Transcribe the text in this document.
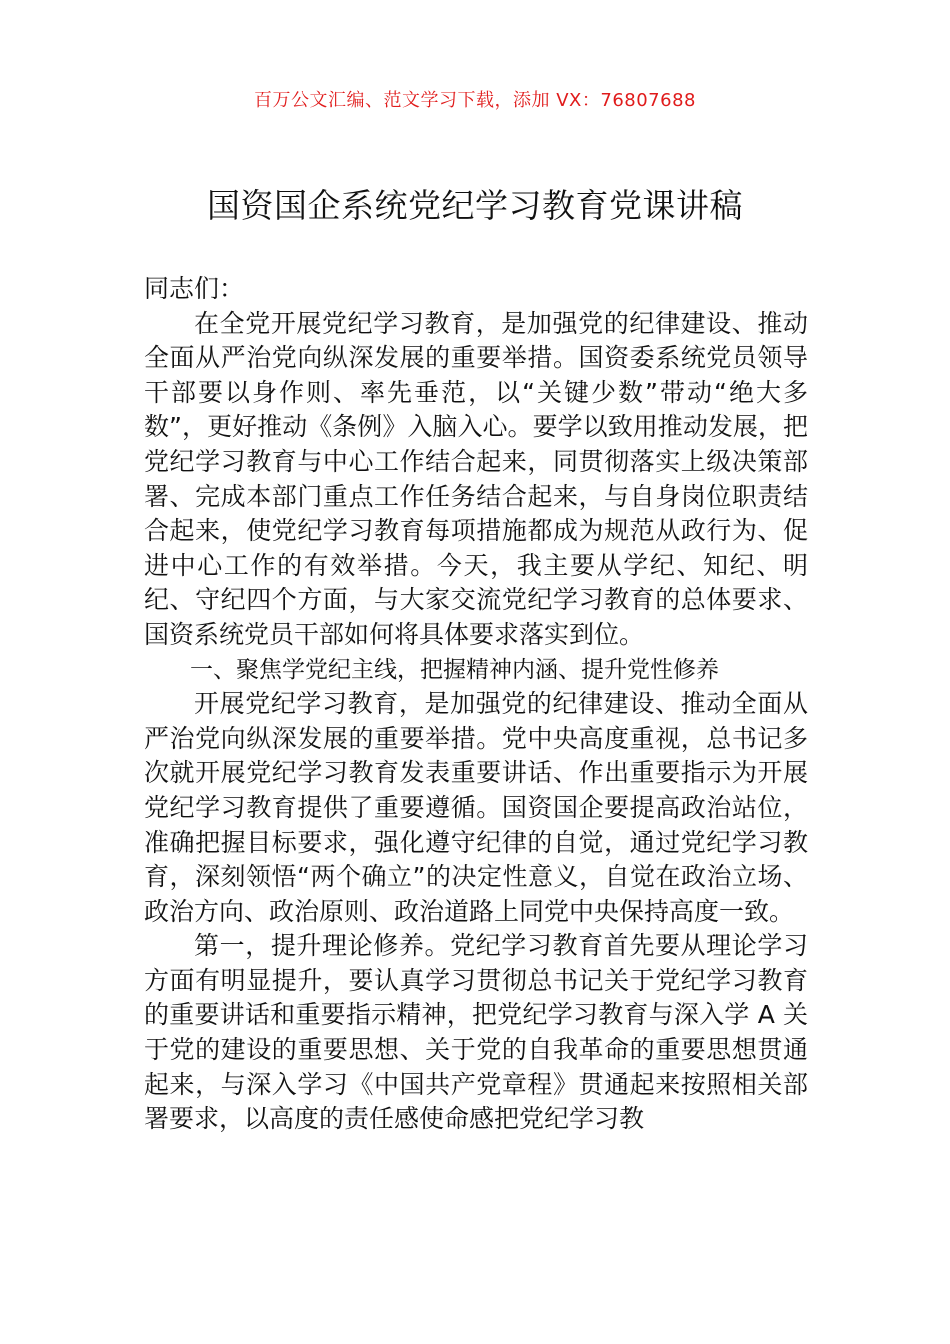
百万公文汇编、范文学习下载，添加 VX：76807688
国资国企系统党纪学习教育党课讲稿

同志们：

在全党开展党纪学习教育，是加强党的纪律建设、推动全面从严治党向纵深发展的重要举措。国资委系统党员领导干部要以身作则、率先垂范，以“关键少数”带动“绝大多数”，更好推动《条例》入脑入心。要学以致用推动发展，把党纪学习教育与中心工作结合起来，同贯彻落实上级决策部署、完成本部门重点工作任务结合起来，与自身岗位职责结合起来，使党纪学习教育每项措施都成为规范从政行为、促进中心工作的有效举措。今天，我主要从学纪、知纪、明纪、守纪四个方面，与大家交流党纪学习教育的总体要求、国资系统党员干部如何将具体要求落实到位。

一、聚焦学党纪主线，把握精神内涵、提升党性修养

开展党纪学习教育，是加强党的纪律建设、推动全面从严治党向纵深发展的重要举措。党中央高度重视，总书记多次就开展党纪学习教育发表重要讲话、作出重要指示为开展党纪学习教育提供了重要遵循。国资国企要提高政治站位，准确把握目标要求，强化遵守纪律的自觉，通过党纪学习教育，深刻领悟“两个确立”的决定性意义，自觉在政治立场、政治方向、政治原则、政治道路上同党中央保持高度一致。

第一，提升理论修养。党纪学习教育首先要从理论学习方面有明显提升，要认真学习贯彻总书记关于党纪学习教育的重要讲话和重要指示精神，把党纪学习教育与深入学 A 关于党的建设的重要思想、关于党的自我革命的重要思想贯通起来，与深入学习《中国共产党章程》贯通起来按照相关部署要求，以高度的责任感使命感把党纪学习教
